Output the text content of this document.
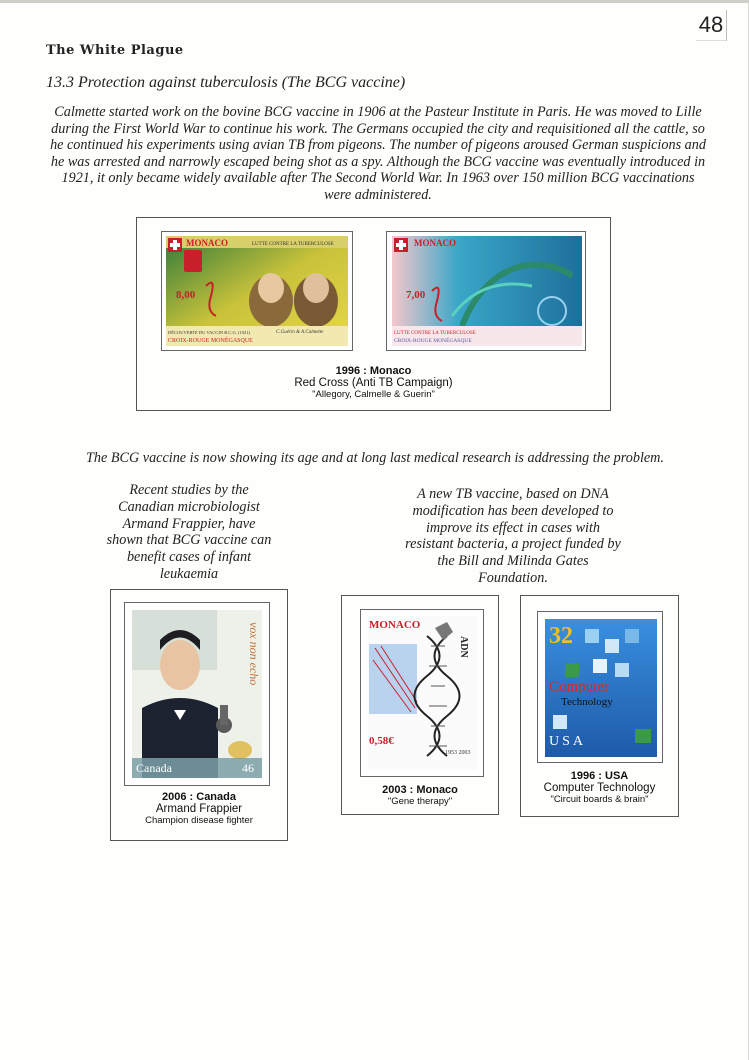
48
The White Plague
13.3 Protection against tuberculosis (The BCG vaccine)
Calmette started work on the bovine BCG vaccine in 1906 at the Pasteur Institute in Paris. He was moved to Lille during the First World War to continue his work. The Germans occupied the city and requisitioned all the cattle, so he continued his experiments using avian TB from pigeons. The number of pigeons aroused German suspicions and he was arrested and narrowly escaped being shot as a spy. Although the BCG vaccine was eventually introduced in 1921, it only became widely available after The Second World War. In 1963 over 150 million BCG vaccinations were administered.
MONACO	LUTTE CONTRE LA TUBERCULOSE
8,00
C.Guérin & A.Calmette
DÉCOUVERTE DU VACCIN B.C.G. (1921)
CROIX-ROUGE MONÉGASQUE
MONACO
7,00
LUTTE CONTRE LA TUBERCULOSE
CROIX-ROUGE MONÉGASQUE
1996 : Monaco
Red Cross (Anti TB Campaign)
"Allegory, Calmelle & Guerin"
The BCG vaccine is now showing its age and at long last medical research is addressing the problem.
Recent studies by the Canadian microbiologist Armand Frappier, have shown that BCG vaccine can benefit cases of infant leukaemia
A new TB vaccine, based on DNA modification has been developed to improve its effect in cases with resistant bacteria, a project funded by the Bill and Milinda Gates Foundation.
Canada	46
vox non echo
2006 : Canada
Armand Frappier
Champion disease fighter
MONACO
ADN
0,58€
1953 2003
2003 : Monaco
"Gene therapy"
32
Computer
Technology
USA
1996 : USA
Computer Technology
"Circuit boards & brain"
